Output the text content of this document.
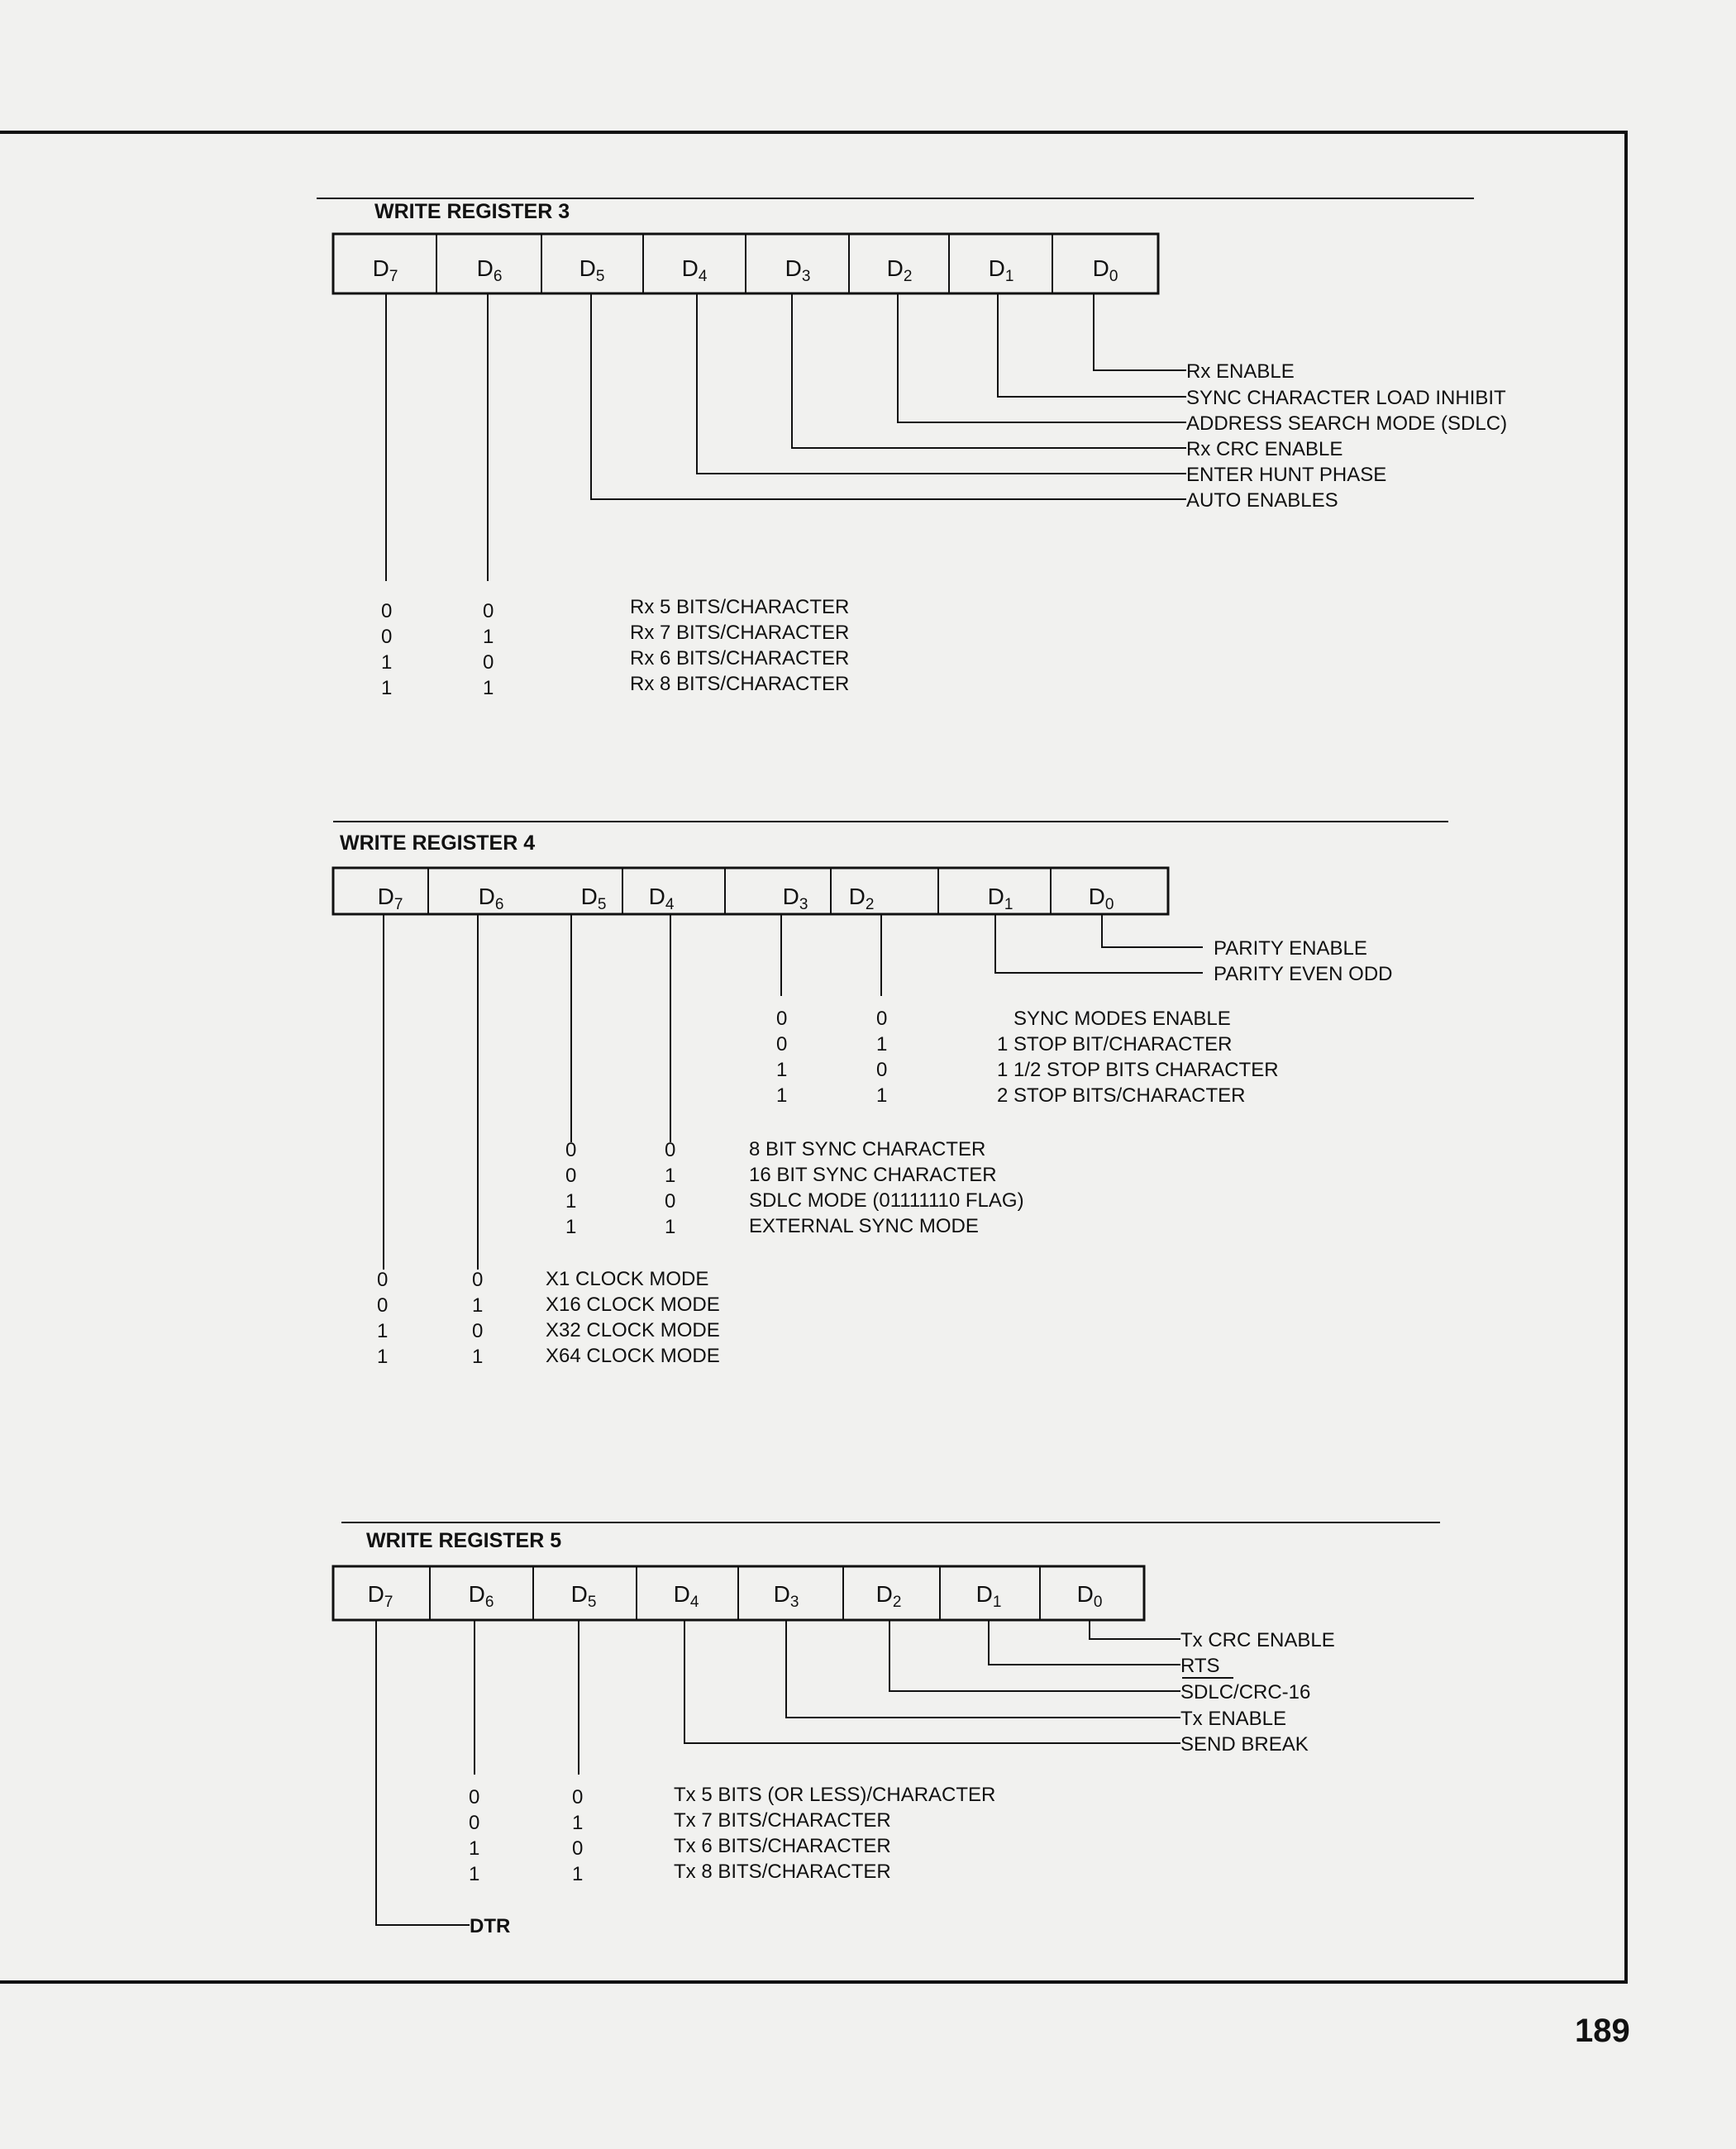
WRITE REGISTER 3
$D_7$	$D_6$	$D_5$	$D_4$	$D_3$	$D_2$	$D_1$	$D_0$
Rx ENABLE
SYNC CHARACTER LOAD INHIBIT
ADDRESS SEARCH MODE (SDLC)
Rx CRC ENABLE
ENTER HUNT PHASE
AUTO ENABLES
0	0	Rx 5 BITS/CHARACTER
0	1	Rx 7 BITS/CHARACTER
1	0	Rx 6 BITS/CHARACTER
1	1	Rx 8 BITS/CHARACTER
WRITE REGISTER 4
$D_7$	$D_6$	$D_5$ $D_4$	$D_3$ $D_2$	$D_1$	$D_0$
PARITY ENABLE
PARITY EVEN ODD
0	0	SYNC MODES ENABLE
0	1	1 STOP BIT/CHARACTER
1	0	1 1/2 STOP BITS CHARACTER
1	1	2 STOP BITS/CHARACTER
0	0	8 BIT SYNC CHARACTER
0	1	16 BIT SYNC CHARACTER
1	0	SDLC MODE (01111110 FLAG)
1	1	EXTERNAL SYNC MODE
0	0	X1 CLOCK MODE
0	1	X16 CLOCK MODE
1	0	X32 CLOCK MODE
1	1	X64 CLOCK MODE
WRITE REGISTER 5
$D_7$	$D_6$	$D_5$	$D_4$	$D_3$	$D_2$	$D_1$	$D_0$
Tx CRC ENABLE
RTS
SDLC/CRC-16
Tx ENABLE
SEND BREAK
0	0	Tx 5 BITS (OR LESS)/CHARACTER
0	1	Tx 7 BITS/CHARACTER
1	0	Tx 6 BITS/CHARACTER
1	1	Tx 8 BITS/CHARACTER
DTR
189
